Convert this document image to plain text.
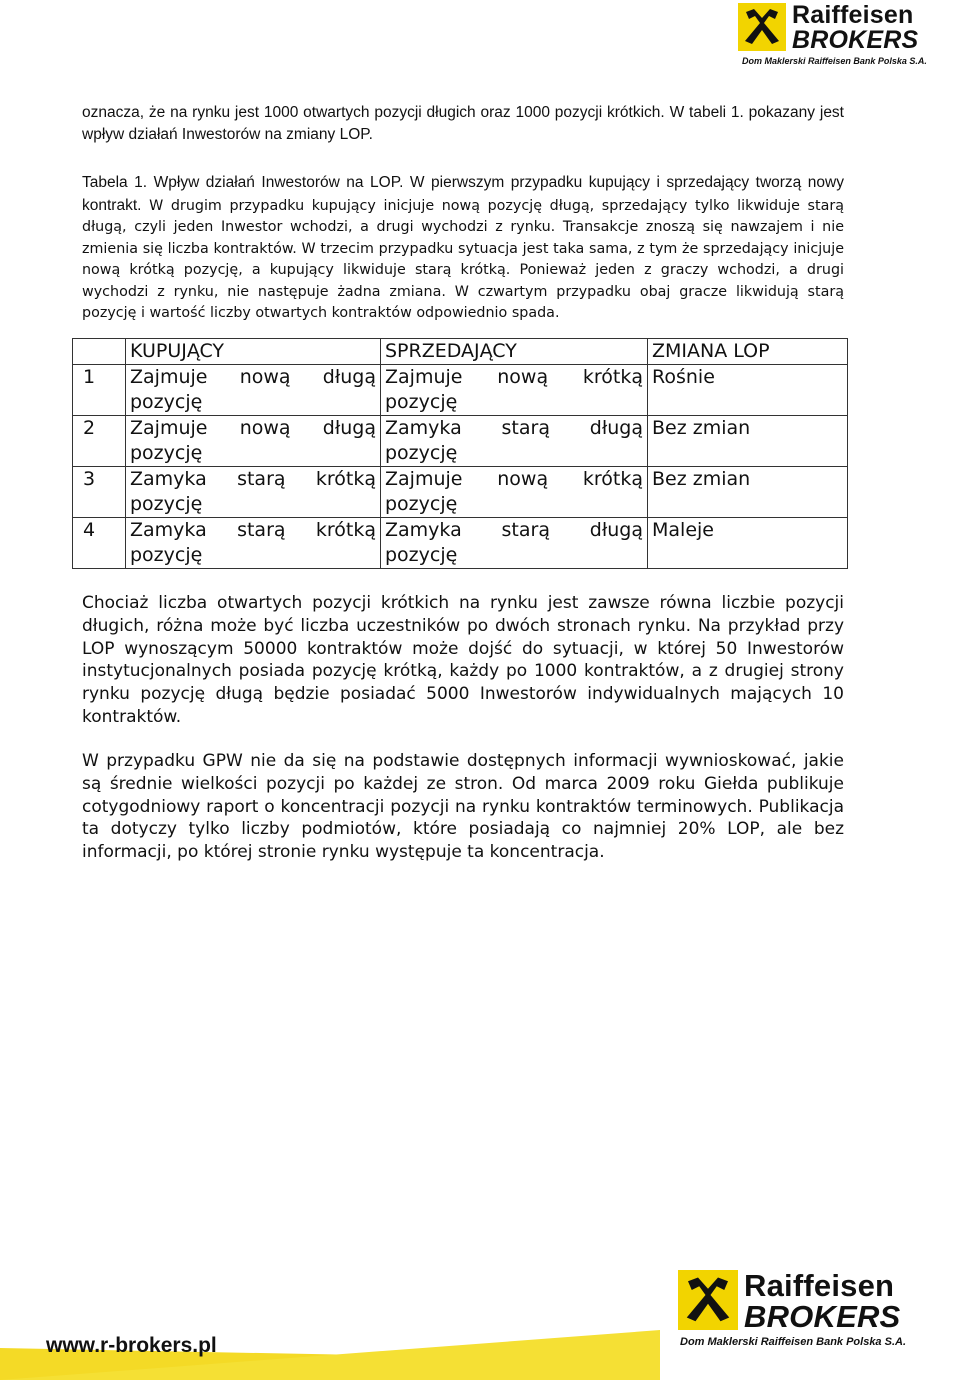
Raiffeisen
BROKERS
Dom Maklerski Raiffeisen Bank Polska S.A.

oznacza, że na rynku jest 1000 otwartych pozycji długich oraz 1000 pozycji krótkich. W tabeli 1. pokazany jest wpływ działań Inwestorów na zmiany LOP.

Tabela 1. Wpływ działań Inwestorów na LOP. W pierwszym przypadku kupujący i sprzedający tworzą nowy kontrakt. W drugim przypadku kupujący inicjuje nową pozycję długą, sprzedający tylko likwiduje starą długą, czyli jeden Inwestor wchodzi, a drugi wychodzi z rynku. Transakcje znoszą się nawzajem i nie zmienia się liczba kontraktów. W trzecim przypadku sytuacja jest taka sama, z tym że sprzedający inicjuje nową krótką pozycję, a kupujący likwiduje starą krótką. Ponieważ jeden z graczy wchodzi, a drugi wychodzi z rynku, nie następuje żadna zmiana. W czwartym przypadku obaj gracze likwidują starą pozycję i wartość liczby otwartych kontraktów odpowiednio spada.

	KUPUJĄCY	SPRZEDAJĄCY	ZMIANA LOP
1	Zajmuje nową długą pozycję	Zajmuje nową krótką pozycję	Rośnie
2	Zajmuje nową długą pozycję	Zamyka starą długą pozycję	Bez zmian
3	Zamyka starą krótką pozycję	Zajmuje nową krótką pozycję	Bez zmian
4	Zamyka starą krótką pozycję	Zamyka starą długą pozycję	Maleje

Chociaż liczba otwartych pozycji krótkich na rynku jest zawsze równa liczbie pozycji długich, różna może być liczba uczestników po dwóch stronach rynku. Na przykład przy LOP wynoszącym 50000 kontraktów może dojść do sytuacji, w której 50 Inwestorów instytucjonalnych posiada pozycję krótką, każdy po 1000 kontraktów, a z drugiej strony rynku pozycję długą będzie posiadać 5000 Inwestorów indywidualnych mających 10 kontraktów.

W przypadku GPW nie da się na podstawie dostępnych informacji wywnioskować, jakie są średnie wielkości pozycji po każdej ze stron. Od marca 2009 roku Giełda publikuje cotygodniowy raport o koncentracji pozycji na rynku kontraktów terminowych. Publikacja ta dotyczy tylko liczby podmiotów, które posiadają co najmniej 20% LOP, ale bez informacji, po której stronie rynku występuje ta koncentracja.

www.r-brokers.pl
Raiffeisen
BROKERS
Dom Maklerski Raiffeisen Bank Polska S.A.
